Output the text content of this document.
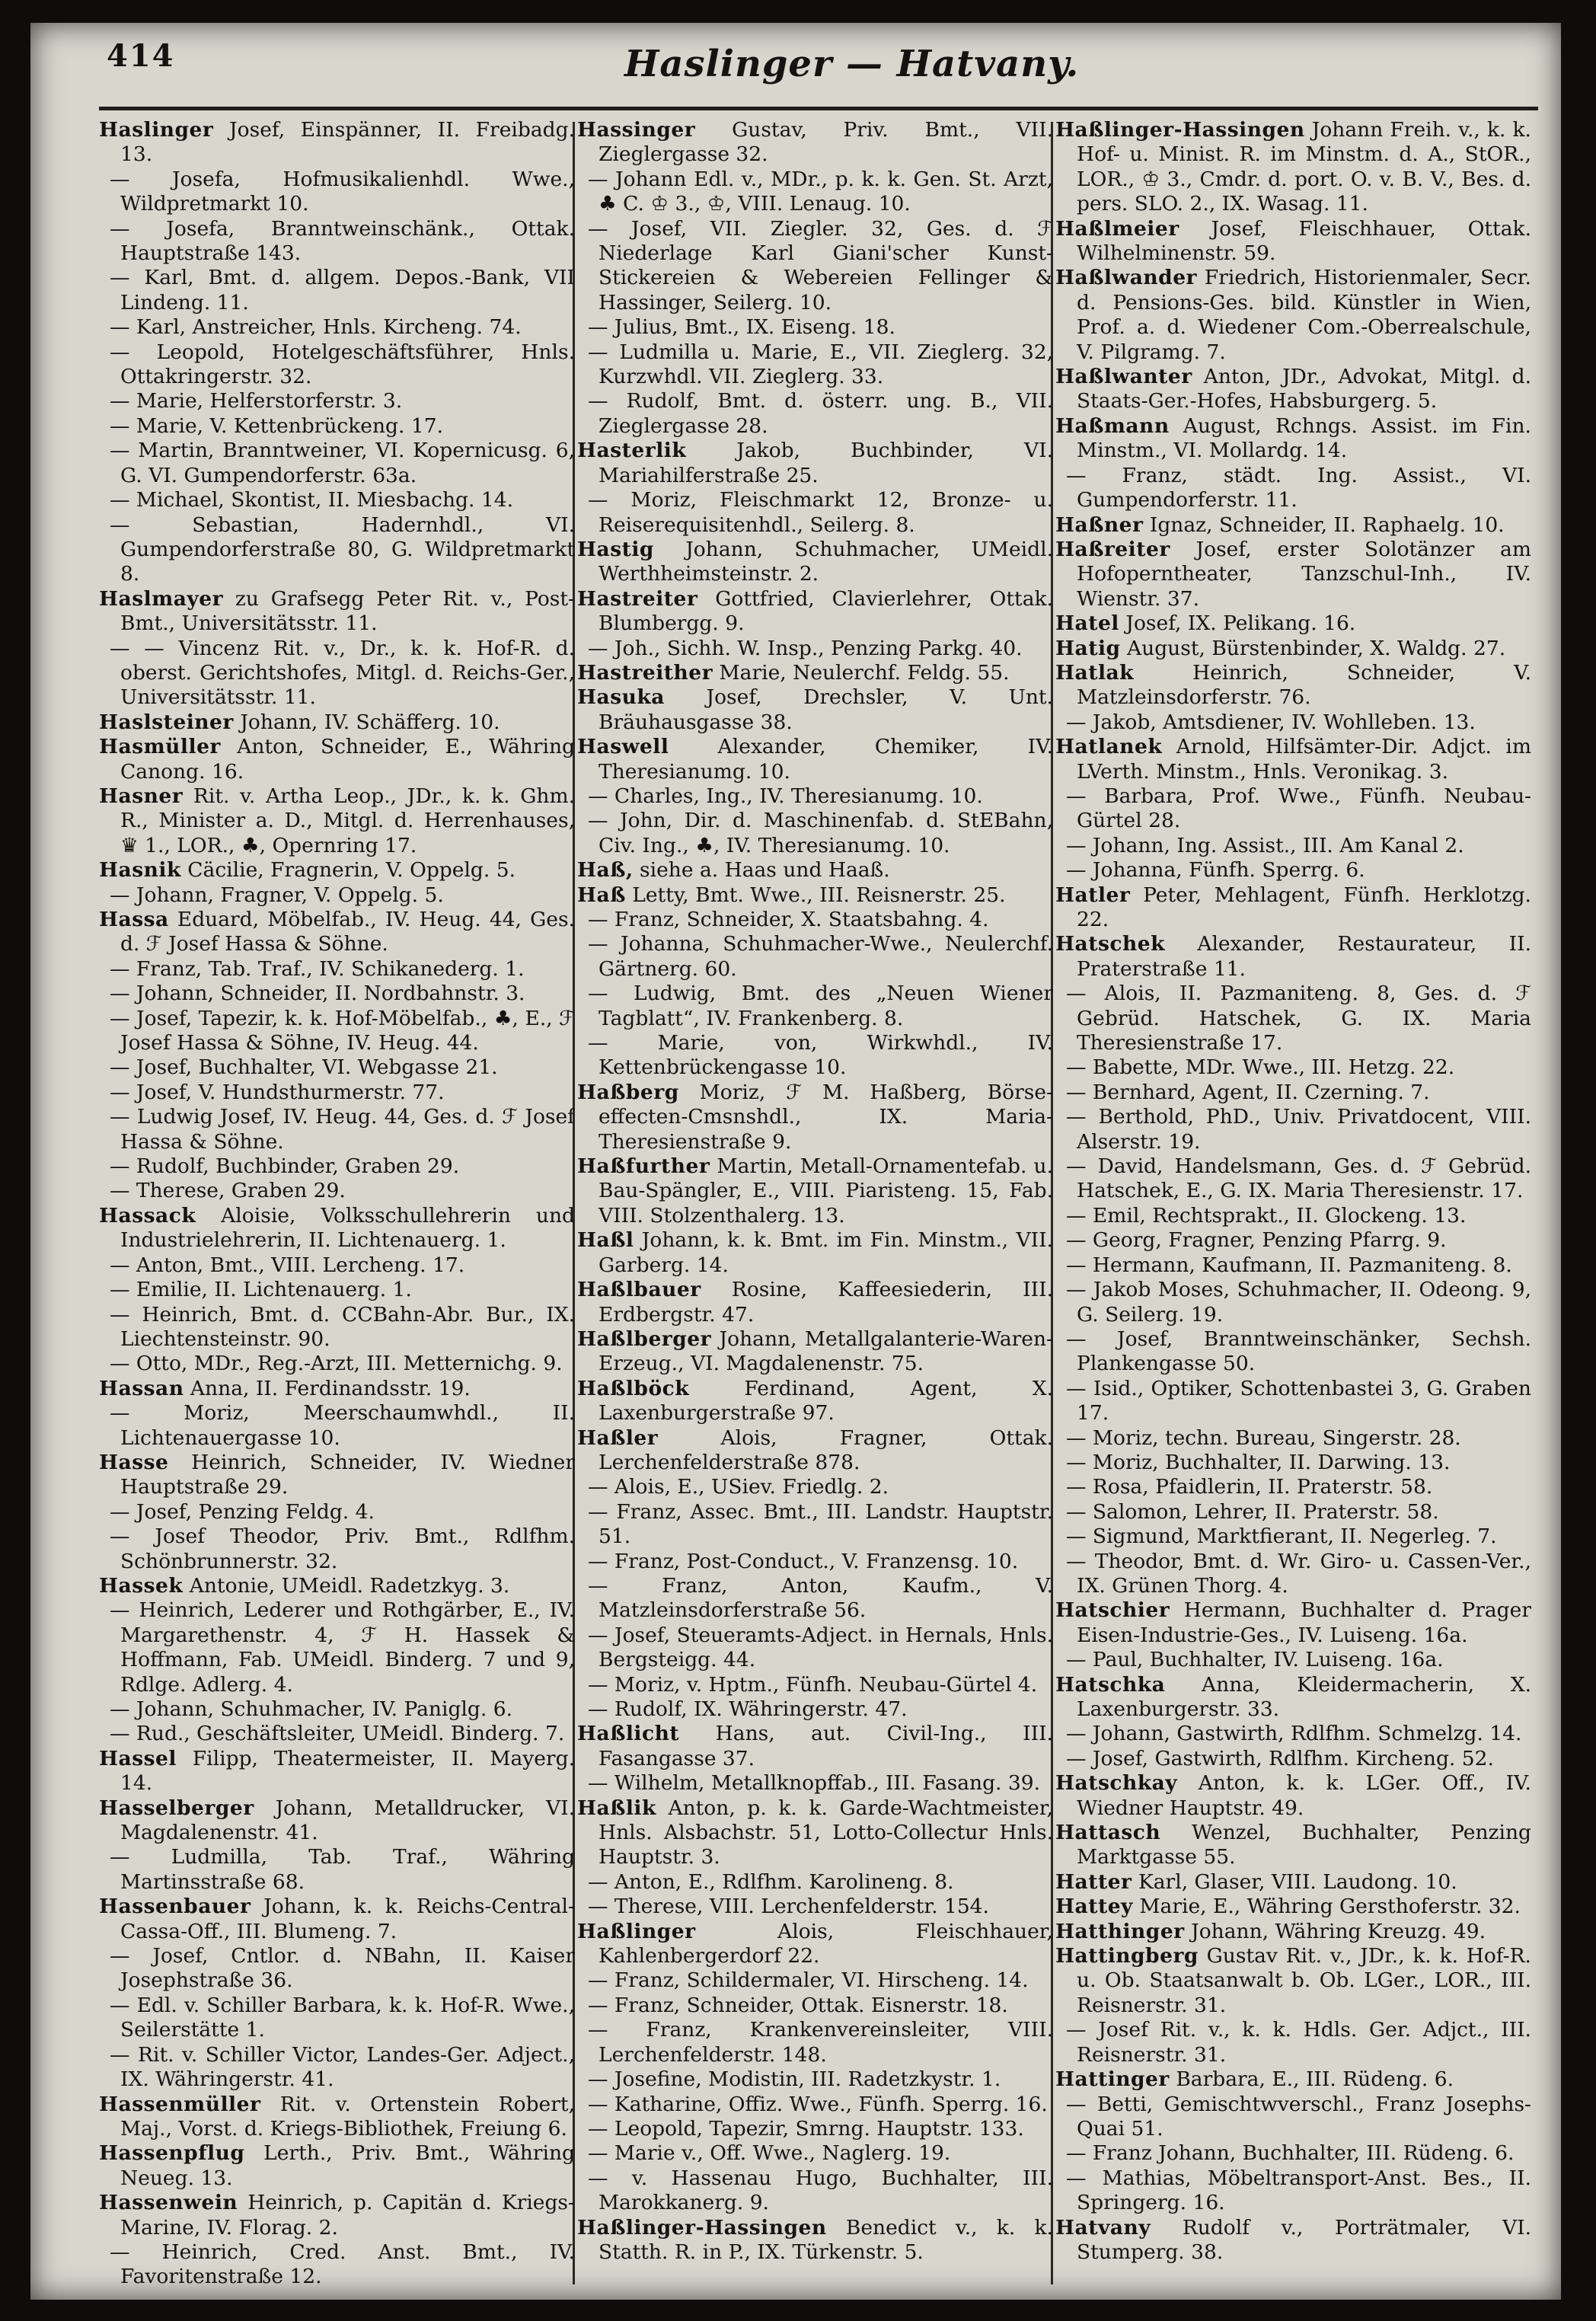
414	Haslinger — Hatvany.

Haslinger Josef, Einspänner, II. Freibadg. 13.

— Josefa, Hofmusikalienhdl. Wwe., Wildpretmarkt 10.

— Josefa, Branntweinschänk., Ottak. Hauptstraße 143.

— Karl, Bmt. d. allgem. Depos.-Bank, VII Lindeng. 11.

— Karl, Anstreicher, Hnls. Kircheng. 74.

— Leopold, Hotelgeschäftsführer, Hnls. Ottakringerstr. 32.

— Marie, Helferstorferstr. 3.

— Marie, V. Kettenbrückeng. 17.

— Martin, Branntweiner, VI. Kopernicusg. 6, G. VI. Gumpendorferstr. 63a.

— Michael, Skontist, II. Miesbachg. 14.

— Sebastian, Hadernhdl., VI. Gumpendorferstraße 80, G. Wildpretmarkt 8.

Haslmayer zu Grafsegg Peter Rit. v., Post-Bmt., Universitätsstr. 11.

— — Vincenz Rit. v., Dr., k. k. Hof-R. d. oberst. Gerichtshofes, Mitgl. d. Reichs-Ger., Universitätsstr. 11.

Haslsteiner Johann, IV. Schäfferg. 10.

Hasmüller Anton, Schneider, E., Währing Canong. 16.

Hasner Rit. v. Artha Leop., JDr., k. k. Ghm. R., Minister a. D., Mitgl. d. Herrenhauses, ♛ 1., LOR., ♣, Opernring 17.

Hasnik Cäcilie, Fragnerin, V. Oppelg. 5.

— Johann, Fragner, V. Oppelg. 5.

Hassa Eduard, Möbelfab., IV. Heug. 44, Ges. d. ℱ Josef Hassa & Söhne.

— Franz, Tab. Traf., IV. Schikanederg. 1.

— Johann, Schneider, II. Nordbahnstr. 3.

— Josef, Tapezir, k. k. Hof-Möbelfab., ♣, E., ℱ Josef Hassa & Söhne, IV. Heug. 44.

— Josef, Buchhalter, VI. Webgasse 21.

— Josef, V. Hundsthurmerstr. 77.

— Ludwig Josef, IV. Heug. 44, Ges. d. ℱ Josef Hassa & Söhne.

— Rudolf, Buchbinder, Graben 29.

— Therese, Graben 29.

Hassack Aloisie, Volksschullehrerin und Industrielehrerin, II. Lichtenauerg. 1.

— Anton, Bmt., VIII. Lercheng. 17.

— Emilie, II. Lichtenauerg. 1.

— Heinrich, Bmt. d. CCBahn-Abr. Bur., IX. Liechtensteinstr. 90.

— Otto, MDr., Reg.-Arzt, III. Metternichg. 9.

Hassan Anna, II. Ferdinandsstr. 19.

— Moriz, Meerschaumwhdl., II. Lichtenauergasse 10.

Hasse Heinrich, Schneider, IV. Wiedner Hauptstraße 29.

— Josef, Penzing Feldg. 4.

— Josef Theodor, Priv. Bmt., Rdlfhm. Schönbrunnerstr. 32.

Hassek Antonie, UMeidl. Radetzkyg. 3.

— Heinrich, Lederer und Rothgärber, E., IV. Margarethenstr. 4, ℱ H. Hassek & Hoffmann, Fab. UMeidl. Binderg. 7 und 9, Rdlge. Adlerg. 4.

— Johann, Schuhmacher, IV. Paniglg. 6.

— Rud., Geschäftsleiter, UMeidl. Binderg. 7.

Hassel Filipp, Theatermeister, II. Mayerg. 14.

Hasselberger Johann, Metalldrucker, VI. Magdalenenstr. 41.

— Ludmilla, Tab. Traf., Währing Martinsstraße 68.

Hassenbauer Johann, k. k. Reichs-Central-Cassa-Off., III. Blumeng. 7.

— Josef, Cntlor. d. NBahn, II. Kaiser Josephstraße 36.

— Edl. v. Schiller Barbara, k. k. Hof-R. Wwe., Seilerstätte 1.

— Rit. v. Schiller Victor, Landes-Ger. Adject., IX. Währingerstr. 41.

Hassenmüller Rit. v. Ortenstein Robert, Maj., Vorst. d. Kriegs-Bibliothek, Freiung 6.

Hassenpflug Lerth., Priv. Bmt., Währing Neueg. 13.

Hassenwein Heinrich, p. Capitän d. Kriegs-Marine, IV. Florag. 2.

— Heinrich, Cred. Anst. Bmt., IV. Favoritenstraße 12.

Hassinger Gustav, Priv. Bmt., VII. Zieglergasse 32.

— Johann Edl. v., MDr., p. k. k. Gen. St. Arzt, ♣ C. ♔ 3., ♔, VIII. Lenaug. 10.

— Josef, VII. Ziegler. 32, Ges. d. ℱ Niederlage Karl Giani'scher Kunst-Stickereien & Webereien Fellinger & Hassinger, Seilerg. 10.

— Julius, Bmt., IX. Eiseng. 18.

— Ludmilla u. Marie, E., VII. Zieglerg. 32, Kurzwhdl. VII. Zieglerg. 33.

— Rudolf, Bmt. d. österr. ung. B., VII. Zieglergasse 28.

Hasterlik Jakob, Buchbinder, VI. Mariahilferstraße 25.

— Moriz, Fleischmarkt 12, Bronze- u. Reiserequisitenhdl., Seilerg. 8.

Hastig Johann, Schuhmacher, UMeidl. Werthheimsteinstr. 2.

Hastreiter Gottfried, Clavierlehrer, Ottak. Blumbergg. 9.

— Joh., Sichh. W. Insp., Penzing Parkg. 40.

Hastreither Marie, Neulerchf. Feldg. 55.

Hasuka Josef, Drechsler, V. Unt. Bräuhausgasse 38.

Haswell Alexander, Chemiker, IV. Theresianumg. 10.

— Charles, Ing., IV. Theresianumg. 10.

— John, Dir. d. Maschinenfab. d. StEBahn, Civ. Ing., ♣, IV. Theresianumg. 10.

Haß, siehe a. Haas und Haaß.

Haß Letty, Bmt. Wwe., III. Reisnerstr. 25.

— Franz, Schneider, X. Staatsbahng. 4.

— Johanna, Schuhmacher-Wwe., Neulerchf. Gärtnerg. 60.

— Ludwig, Bmt. des „Neuen Wiener Tagblatt“, IV. Frankenberg. 8.

— Marie, von, Wirkwhdl., IV. Kettenbrückengasse 10.

Haßberg Moriz, ℱ M. Haßberg, Börse-effecten-Cmsnshdl., IX. Maria-Theresienstraße 9.

Haßfurther Martin, Metall-Ornamentefab. u. Bau-Spängler, E., VIII. Piaristeng. 15, Fab. VIII. Stolzenthalerg. 13.

Haßl Johann, k. k. Bmt. im Fin. Minstm., VII. Garberg. 14.

Haßlbauer Rosine, Kaffeesiederin, III. Erdbergstr. 47.

Haßlberger Johann, Metallgalanterie-Waren-Erzeug., VI. Magdalenenstr. 75.

Haßlböck	Ferdinand, Agent, X. Laxenburgerstraße 97.

Haßler	Alois, Fragner, Ottak. Lerchenfelderstraße 878.

— Alois, E., USiev. Friedlg. 2.

— Franz, Assec. Bmt., III. Landstr. Hauptstr. 51.

— Franz, Post-Conduct., V. Franzensg. 10.

— Franz, Anton, Kaufm., V. Matzleinsdorferstraße 56.

— Josef, Steueramts-Adject. in Hernals, Hnls. Bergsteigg. 44.

— Moriz, v. Hptm., Fünfh. Neubau-Gürtel 4.

— Rudolf, IX. Währingerstr. 47.

Haßlicht Hans, aut. Civil-Ing., III. Fasangasse 37.

— Wilhelm, Metallknopffab., III. Fasang. 39.

Haßlik Anton, p. k. k. Garde-Wachtmeister, Hnls. Alsbachstr. 51, Lotto-Collectur Hnls. Hauptstr. 3.

— Anton, E., Rdlfhm. Karolineng. 8.

— Therese, VIII. Lerchenfelderstr. 154.

Haßlinger	Alois, Fleischhauer, Kahlenbergerdorf 22.

— Franz, Schildermaler, VI. Hirscheng. 14.

— Franz, Schneider, Ottak. Eisnerstr. 18.

— Franz, Krankenvereinsleiter, VIII. Lerchenfelderstr. 148.

— Josefine, Modistin, III. Radetzkystr. 1.

— Katharine, Offiz. Wwe., Fünfh. Sperrg. 16.

— Leopold, Tapezir, Smrng. Hauptstr. 133.

— Marie v., Off. Wwe., Naglerg. 19.

— v. Hassenau Hugo, Buchhalter, III. Marokkanerg. 9.

Haßlinger-Hassingen Benedict v., k. k. Statth. R. in P., IX. Türkenstr. 5.

Haßlinger-Hassingen Johann Freih. v., k. k. Hof- u. Minist. R. im Minstm. d. A., StOR., LOR., ♔ 3., Cmdr. d. port. O. v. B. V., Bes. d. pers. SLO. 2., IX. Wasag. 11.

Haßlmeier Josef, Fleischhauer, Ottak. Wilhelminenstr. 59.

Haßlwander Friedrich, Historienmaler, Secr. d. Pensions-Ges. bild. Künstler in Wien, Prof. a. d. Wiedener Com.-Oberrealschule, V. Pilgramg. 7.

Haßlwanter Anton, JDr., Advokat, Mitgl. d. Staats-Ger.-Hofes, Habsburgerg. 5.

Haßmann August, Rchngs. Assist. im Fin. Minstm., VI. Mollardg. 14.

— Franz, städt. Ing. Assist., VI. Gumpendorferstr. 11.

Haßner Ignaz, Schneider, II. Raphaelg. 10.

Haßreiter Josef, erster Solotänzer am Hofoperntheater, Tanzschul-Inh., IV. Wienstr. 37.

Hatel Josef, IX. Pelikang. 16.

Hatig August, Bürstenbinder, X. Waldg. 27.

Hatlak	Heinrich, Schneider, V. Matzleinsdorferstr. 76.

— Jakob, Amtsdiener, IV. Wohlleben. 13.

Hatlanek Arnold, Hilfsämter-Dir. Adjct. im LVerth. Minstm., Hnls. Veronikag. 3.

— Barbara, Prof. Wwe., Fünfh. Neubau-Gürtel 28.

— Johann, Ing. Assist., III. Am Kanal 2.

— Johanna, Fünfh. Sperrg. 6.

Hatler Peter, Mehlagent, Fünfh. Herklotzg. 22.

Hatschek Alexander, Restaurateur, II. Praterstraße 11.

— Alois, II. Pazmaniteng. 8, Ges. d. ℱ Gebrüd. Hatschek, G. IX. Maria Theresienstraße 17.

— Babette, MDr. Wwe., III. Hetzg. 22.

— Bernhard, Agent, II. Czerning. 7.

— Berthold, PhD., Univ. Privatdocent, VIII. Alserstr. 19.

— David, Handelsmann, Ges. d. ℱ Gebrüd. Hatschek, E., G. IX. Maria Theresienstr. 17.

— Emil, Rechtsprakt., II. Glockeng. 13.

— Georg, Fragner, Penzing Pfarrg. 9.

— Hermann, Kaufmann, II. Pazmaniteng. 8.

— Jakob Moses, Schuhmacher, II. Odeong. 9, G. Seilerg. 19.

— Josef, Branntweinschänker, Sechsh. Plankengasse 50.

— Isid., Optiker, Schottenbastei 3, G. Graben 17.

— Moriz, techn. Bureau, Singerstr. 28.

— Moriz, Buchhalter, II. Darwing. 13.

— Rosa, Pfaidlerin, II. Praterstr. 58.

— Salomon, Lehrer, II. Praterstr. 58.

— Sigmund, Marktfierant, II. Negerleg. 7.

— Theodor, Bmt. d. Wr. Giro- u. Cassen-Ver., IX. Grünen Thorg. 4.

Hatschier Hermann, Buchhalter d. Prager Eisen-Industrie-Ges., IV. Luiseng. 16a.

— Paul, Buchhalter, IV. Luiseng. 16a.

Hatschka Anna, Kleidermacherin, X. Laxenburgerstr. 33.

— Johann, Gastwirth, Rdlfhm. Schmelzg. 14.

— Josef, Gastwirth, Rdlfhm. Kircheng. 52.

Hatschkay Anton, k. k. LGer. Off., IV. Wiedner Hauptstr. 49.

Hattasch Wenzel, Buchhalter, Penzing Marktgasse 55.

Hatter Karl, Glaser, VIII. Laudong. 10.

Hattey Marie, E., Währing Gersthoferstr. 32.

Hatthinger Johann, Währing Kreuzg. 49.

Hattingberg Gustav Rit. v., JDr., k. k. Hof-R. u. Ob. Staatsanwalt b. Ob. LGer., LOR., III. Reisnerstr. 31.

— Josef Rit. v., k. k. Hdls. Ger. Adjct., III. Reisnerstr. 31.

Hattinger Barbara, E., III. Rüdeng. 6.

— Betti, Gemischtwverschl., Franz Josephs-Quai 51.

— Franz Johann, Buchhalter, III. Rüdeng. 6.

— Mathias, Möbeltransport-Anst. Bes., II. Springerg. 16.

Hatvany Rudolf v., Porträtmaler, VI. Stumperg. 38.
